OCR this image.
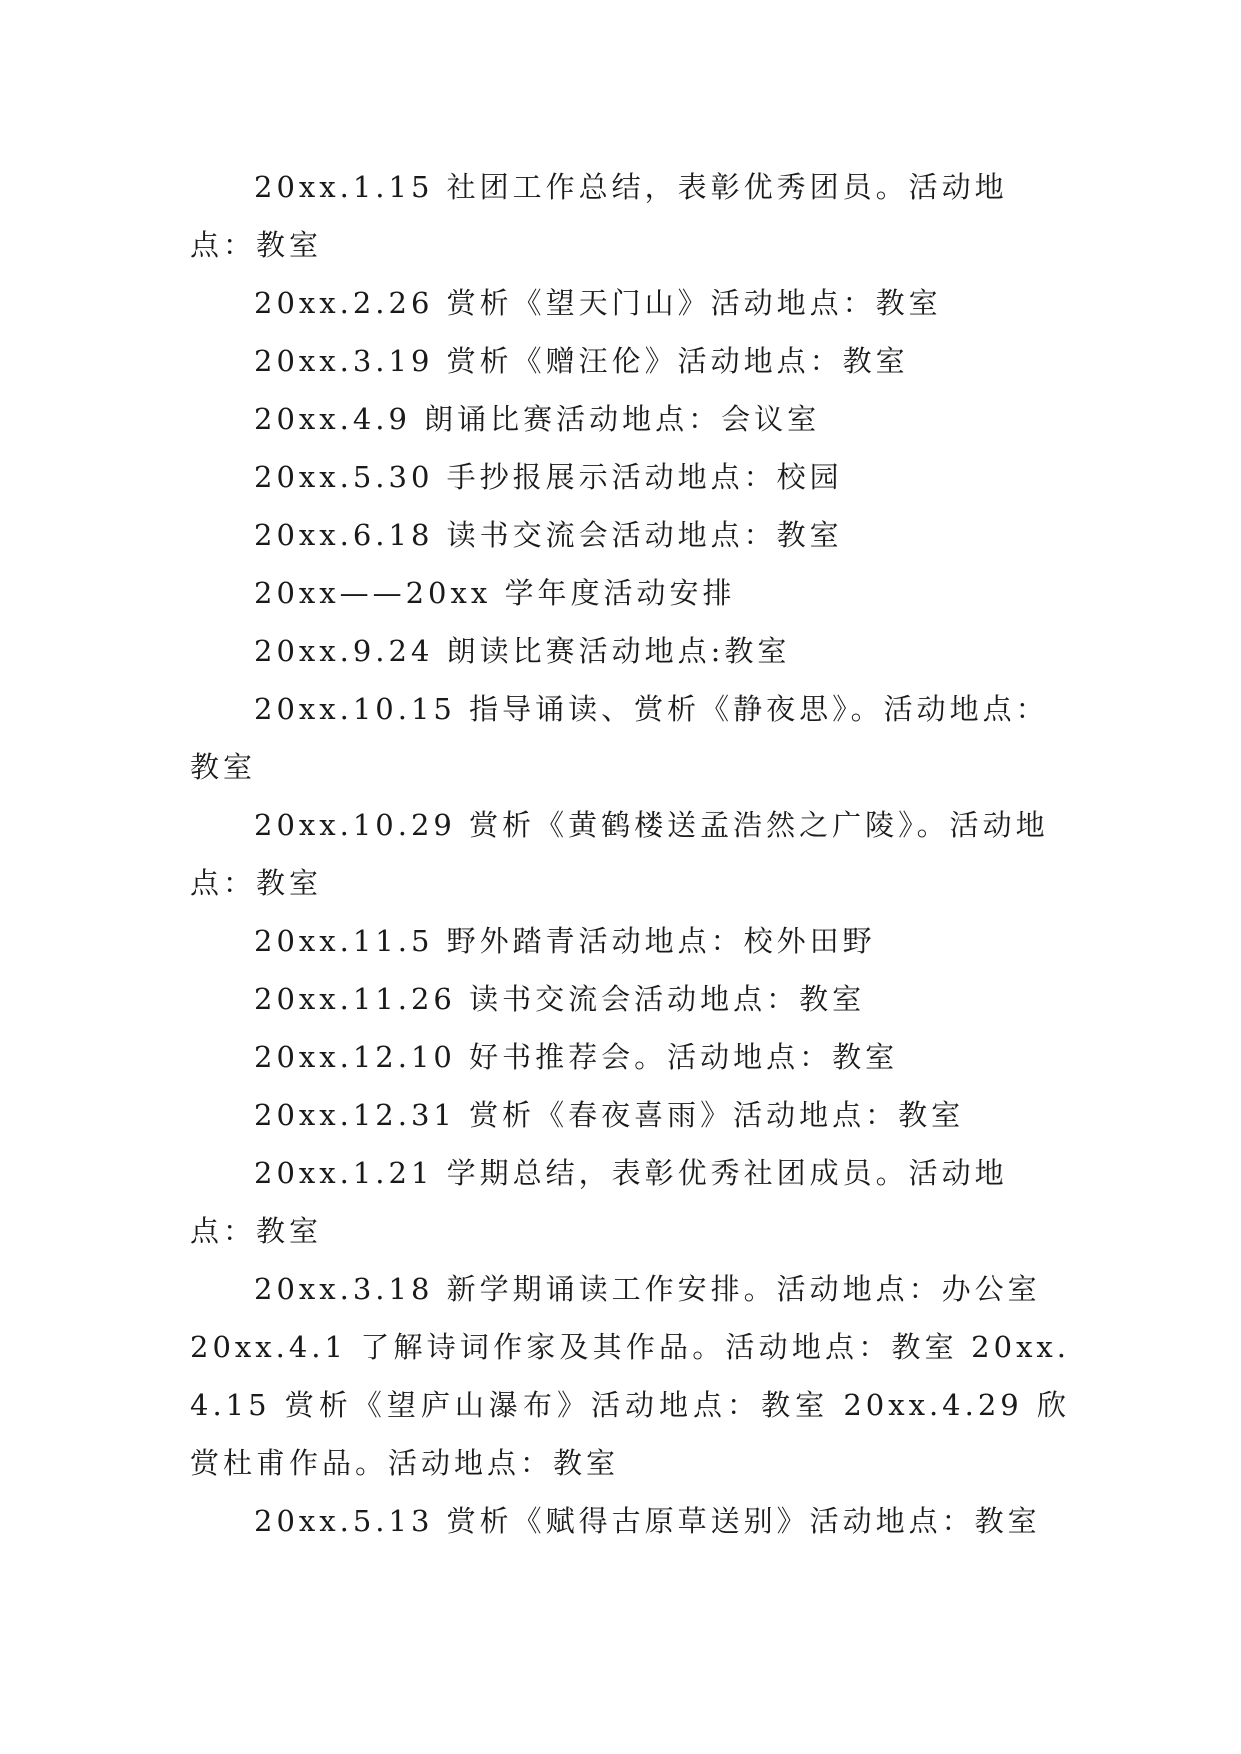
20xx.1.15 社团工作总结，表彰优秀团员。活动地点：教室

20xx.2.26 赏析《望天门山》活动地点：教室

20xx.3.19 赏析《赠汪伦》活动地点：教室

20xx.4.9 朗诵比赛活动地点：会议室

20xx.5.30 手抄报展示活动地点：校园

20xx.6.18 读书交流会活动地点：教室

20xx——20xx 学年度活动安排

20xx.9.24 朗读比赛活动地点:教室

20xx.10.15 指导诵读、赏析《静夜思》。活动地点：教室

20xx.10.29 赏析《黄鹤楼送孟浩然之广陵》。活动地点：教室

20xx.11.5 野外踏青活动地点：校外田野

20xx.11.26 读书交流会活动地点：教室

20xx.12.10 好书推荐会。活动地点：教室

20xx.12.31 赏析《春夜喜雨》活动地点：教室

20xx.1.21 学期总结，表彰优秀社团成员。活动地点：教室

20xx.3.18 新学期诵读工作安排。活动地点：办公室

20xx.4.1 了解诗词作家及其作品。活动地点：教室 20xx.4.15 赏析《望庐山瀑布》活动地点：教室 20xx.4.29 欣赏杜甫作品。活动地点：教室

20xx.5.13 赏析《赋得古原草送别》活动地点：教室
